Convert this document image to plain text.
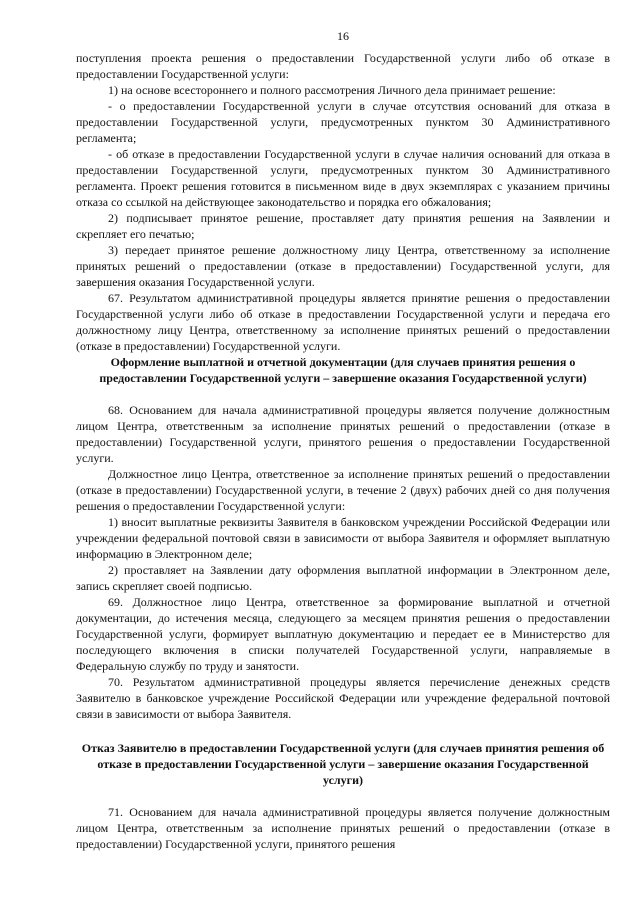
16

поступления проекта решения о предоставлении Государственной услуги либо об отказе в предоставлении Государственной услуги:

1) на основе всестороннего и полного рассмотрения Личного дела принимает решение:

- о предоставлении Государственной услуги в случае отсутствия оснований для отказа в предоставлении Государственной услуги, предусмотренных пунктом 30 Административного регламента;

- об отказе в предоставлении Государственной услуги в случае наличия оснований для отказа в предоставлении Государственной услуги, предусмотренных пунктом 30 Административного регламента. Проект решения готовится в письменном виде в двух экземплярах с указанием причины отказа со ссылкой на действующее законодательство и порядка его обжалования;

2) подписывает принятое решение, проставляет дату принятия решения на Заявлении и скрепляет его печатью;

3) передает принятое решение должностному лицу Центра, ответственному за исполнение принятых решений о предоставлении (отказе в предоставлении) Государственной услуги, для завершения оказания Государственной услуги.

67. Результатом административной процедуры является принятие решения о предоставлении Государственной услуги либо об отказе в предоставлении Государственной услуги и передача его должностному лицу Центра, ответственному за исполнение принятых решений о предоставлении (отказе в предоставлении) Государственной услуги.

Оформление выплатной и отчетной документации (для случаев принятия решения о предоставлении Государственной услуги – завершение оказания Государственной услуги)

68. Основанием для начала административной процедуры является получение должностным лицом Центра, ответственным за исполнение принятых решений о предоставлении (отказе в предоставлении) Государственной услуги, принятого решения о предоставлении Государственной услуги.

Должностное лицо Центра, ответственное за исполнение принятых решений о предоставлении (отказе в предоставлении) Государственной услуги, в течение 2 (двух) рабочих дней со дня получения решения о предоставлении Государственной услуги:

1) вносит выплатные реквизиты Заявителя в банковском учреждении Российской Федерации или учреждении федеральной почтовой связи в зависимости от выбора Заявителя и оформляет выплатную информацию в Электронном деле;

2) проставляет на Заявлении дату оформления выплатной информации в Электронном деле, запись скрепляет своей подписью.

69. Должностное лицо Центра, ответственное за формирование выплатной и отчетной документации, до истечения месяца, следующего за месяцем принятия решения о предоставлении Государственной услуги, формирует выплатную документацию и передает ее в Министерство для последующего включения в списки получателей Государственной услуги, направляемые в Федеральную службу по труду и занятости.

70. Результатом административной процедуры является перечисление денежных средств Заявителю в банковское учреждение Российской Федерации или учреждение федеральной почтовой связи в зависимости от выбора Заявителя.

Отказ Заявителю в предоставлении Государственной услуги (для случаев принятия решения об отказе в предоставлении Государственной услуги – завершение оказания Государственной услуги)

71. Основанием для начала административной процедуры является получение должностным лицом Центра, ответственным за исполнение принятых решений о предоставлении (отказе в предоставлении) Государственной услуги, принятого решения
